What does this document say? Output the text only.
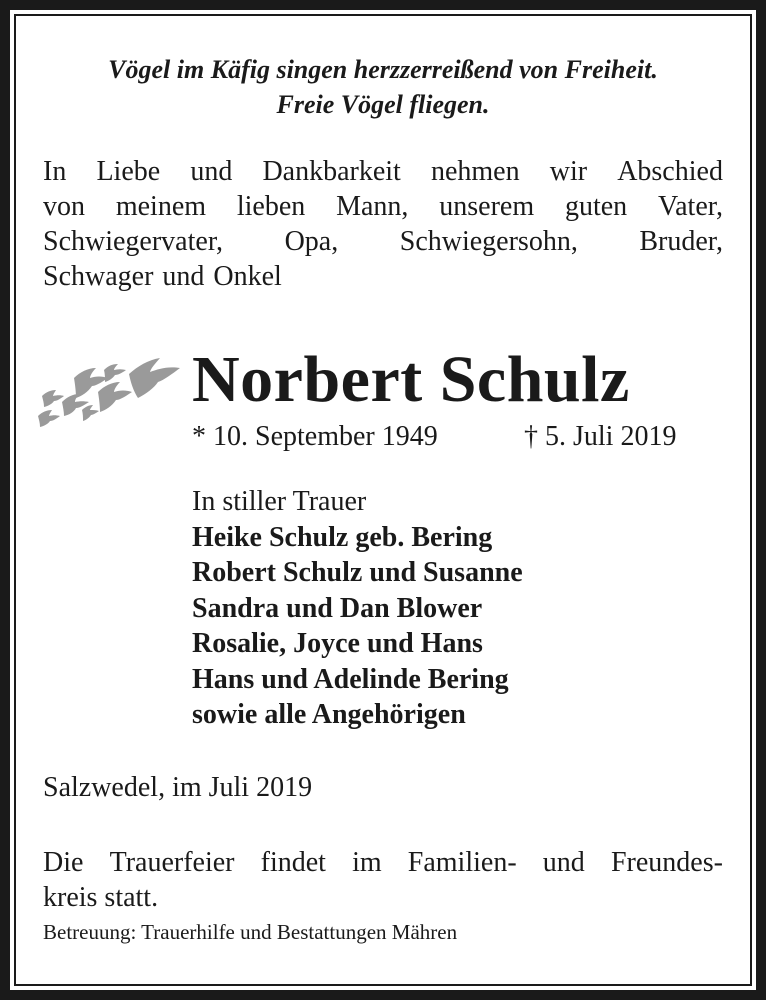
Vögel im Käfig singen herzzerreißend von Freiheit.
Freie Vögel fliegen.
In Liebe und Dankbarkeit nehmen wir Abschied
von meinem lieben Mann, unserem guten Vater,
Schwiegervater, Opa, Schwiegersohn, Bruder,
Schwager und Onkel
Norbert Schulz
* 10. September 1949	† 5. Juli 2019
In stiller Trauer
Heike Schulz geb. Bering
Robert Schulz und Susanne
Sandra und Dan Blower
Rosalie, Joyce und Hans
Hans und Adelinde Bering
sowie alle Angehörigen
Salzwedel, im Juli 2019
Die Trauerfeier findet im Familien- und Freundes-
kreis statt.
Betreuung: Trauerhilfe und Bestattungen Mähren
